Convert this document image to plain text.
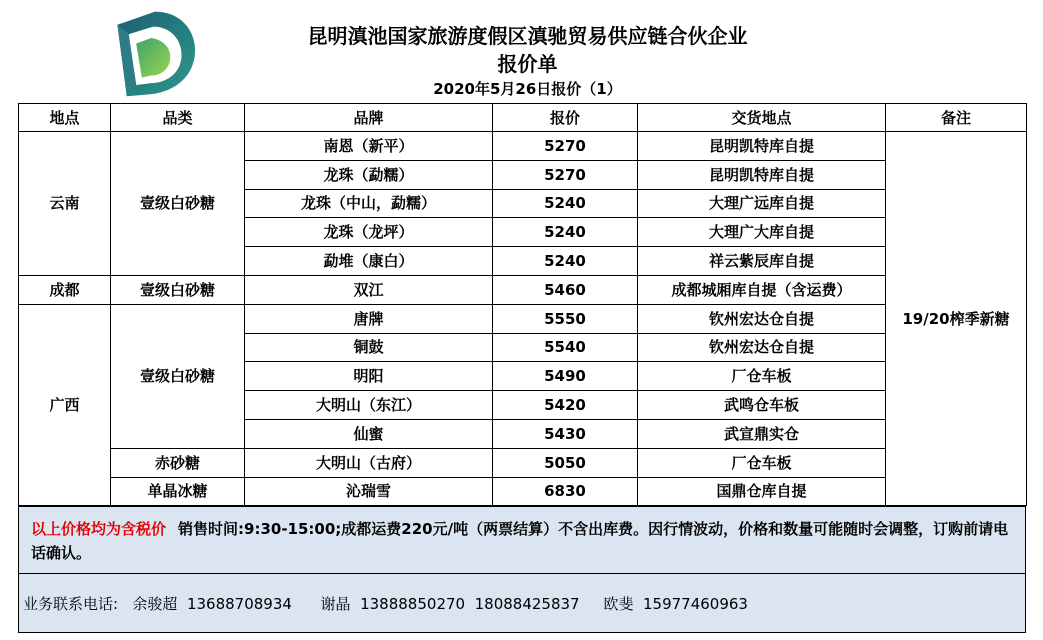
昆明滇池国家旅游度假区滇驰贸易供应链合伙企业
报价单
2020年5月26日报价（1）
地点	品类	品牌	报价	交货地点	备注
云南	壹级白砂糖	南恩（新平）	5270	昆明凯特库自提	19/20榨季新糖
		龙珠（勐糯）	5270	昆明凯特库自提	
		龙珠（中山，勐糯）	5240	大理广远库自提	
		龙珠（龙坪）	5240	大理广大库自提	
		勐堆（康白）	5240	祥云紫辰库自提	
成都	壹级白砂糖	双江	5460	成都城厢库自提（含运费）	
广西	壹级白砂糖	唐牌	5550	钦州宏达仓自提	
		铜鼓	5540	钦州宏达仓自提	
		明阳	5490	厂仓车板	
		大明山（东江）	5420	武鸣仓车板	
		仙蜜	5430	武宣鼎实仓	
	赤砂糖	大明山（古府）	5050	厂仓车板	
	单晶冰糖	沁瑞雪	6830	国鼎仓库自提	
以上价格均为含税价 销售时间:9:30-15:00;成都运费220元/吨（两票结算）不含出库费。因行情波动，价格和数量可能随时会调整，订购前请电话确认。
业务联系电话: 余骏超 13688708934 谢晶 13888850270  18088425837 欧斐 15977460963
